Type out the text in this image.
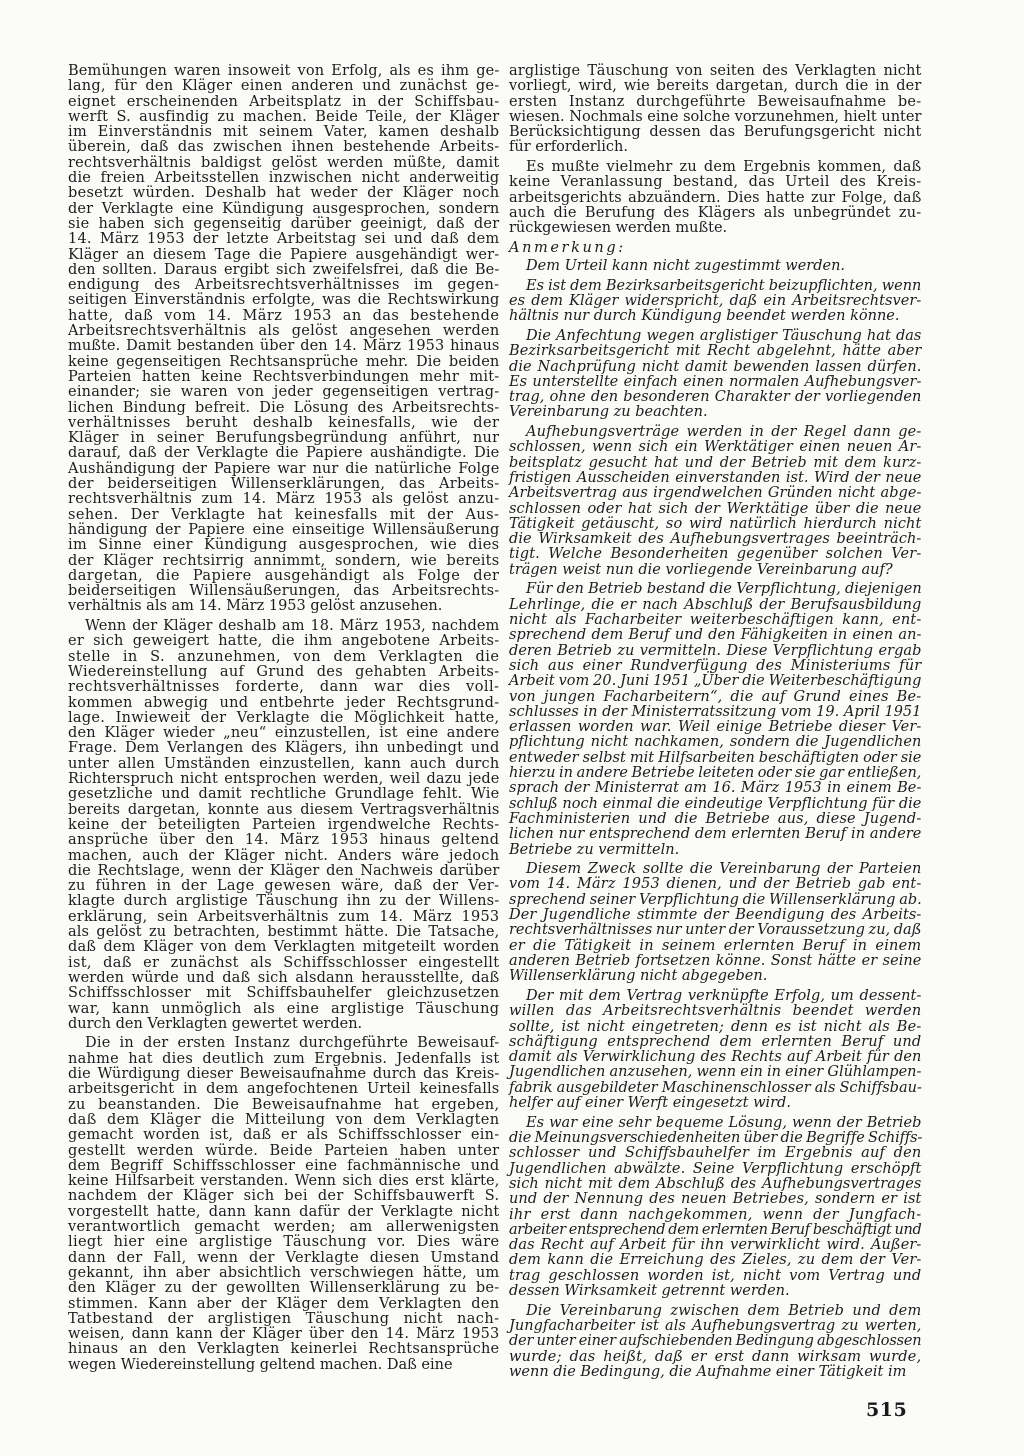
Bemühungen waren insoweit von Erfolg, als es ihm ge-
lang, für den Kläger einen anderen und zunächst ge-
eignet erscheinenden Arbeitsplatz in der Schiffsbau-
werft S. ausfindig zu machen. Beide Teile, der Kläger
im Einverständnis mit seinem Vater, kamen deshalb
überein, daß das zwischen ihnen bestehende Arbeits-
rechtsverhältnis baldigst gelöst werden müßte, damit
die freien Arbeitsstellen inzwischen nicht anderweitig
besetzt würden. Deshalb hat weder der Kläger noch
der Verklagte eine Kündigung ausgesprochen, sondern
sie haben sich gegenseitig darüber geeinigt, daß der
14. März 1953 der letzte Arbeitstag sei und daß dem
Kläger an diesem Tage die Papiere ausgehändigt wer-
den sollten. Daraus ergibt sich zweifelsfrei, daß die Be-
endigung des Arbeitsrechtsverhältnisses im gegen-
seitigen Einverständnis erfolgte, was die Rechtswirkung
hatte, daß vom 14. März 1953 an das bestehende
Arbeitsrechtsverhältnis als gelöst angesehen werden
mußte. Damit bestanden über den 14. März 1953 hinaus
keine gegenseitigen Rechtsansprüche mehr. Die beiden
Parteien hatten keine Rechtsverbindungen mehr mit-
einander; sie waren von jeder gegenseitigen vertrag-
lichen Bindung befreit. Die Lösung des Arbeitsrechts-
verhältnisses beruht deshalb keinesfalls, wie der
Kläger in seiner Berufungsbegründung anführt, nur
darauf, daß der Verklagte die Papiere aushändigte. Die
Aushändigung der Papiere war nur die natürliche Folge
der beiderseitigen Willenserklärungen, das Arbeits-
rechtsverhältnis zum 14. März 1953 als gelöst anzu-
sehen. Der Verklagte hat keinesfalls mit der Aus-
händigung der Papiere eine einseitige Willensäußerung
im Sinne einer Kündigung ausgesprochen, wie dies
der Kläger rechtsirrig annimmt, sondern, wie bereits
dargetan, die Papiere ausgehändigt als Folge der
beiderseitigen Willensäußerungen, das Arbeitsrechts-
verhältnis als am 14. März 1953 gelöst anzusehen.
Wenn der Kläger deshalb am 18. März 1953, nachdem
er sich geweigert hatte, die ihm angebotene Arbeits-
stelle in S. anzunehmen, von dem Verklagten die
Wiedereinstellung auf Grund des gehabten Arbeits-
rechtsverhältnisses forderte, dann war dies voll-
kommen abwegig und entbehrte jeder Rechtsgrund-
lage. Inwieweit der Verklagte die Möglichkeit hatte,
den Kläger wieder „neu“ einzustellen, ist eine andere
Frage. Dem Verlangen des Klägers, ihn unbedingt und
unter allen Umständen einzustellen, kann auch durch
Richterspruch nicht entsprochen werden, weil dazu jede
gesetzliche und damit rechtliche Grundlage fehlt. Wie
bereits dargetan, konnte aus diesem Vertragsverhältnis
keine der beteiligten Parteien irgendwelche Rechts-
ansprüche über den 14. März 1953 hinaus geltend
machen, auch der Kläger nicht. Anders wäre jedoch
die Rechtslage, wenn der Kläger den Nachweis darüber
zu führen in der Lage gewesen wäre, daß der Ver-
klagte durch arglistige Täuschung ihn zu der Willens-
erklärung, sein Arbeitsverhältnis zum 14. März 1953
als gelöst zu betrachten, bestimmt hätte. Die Tatsache,
daß dem Kläger von dem Verklagten mitgeteilt worden
ist, daß er zunächst als Schiffsschlosser eingestellt
werden würde und daß sich alsdann herausstellte, daß
Schiffsschlosser mit Schiffsbauhelfer gleichzusetzen
war, kann unmöglich als eine arglistige Täuschung
durch den Verklagten gewertet werden.
Die in der ersten Instanz durchgeführte Beweisauf-
nahme hat dies deutlich zum Ergebnis. Jedenfalls ist
die Würdigung dieser Beweisaufnahme durch das Kreis-
arbeitsgericht in dem angefochtenen Urteil keinesfalls
zu beanstanden. Die Beweisaufnahme hat ergeben,
daß dem Kläger die Mitteilung von dem Verklagten
gemacht worden ist, daß er als Schiffsschlosser ein-
gestellt werden würde. Beide Parteien haben unter
dem Begriff Schiffsschlosser eine fachmännische und
keine Hilfsarbeit verstanden. Wenn sich dies erst klärte,
nachdem der Kläger sich bei der Schiffsbauwerft S.
vorgestellt hatte, dann kann dafür der Verklagte nicht
verantwortlich gemacht werden; am allerwenigsten
liegt hier eine arglistige Täuschung vor. Dies wäre
dann der Fall, wenn der Verklagte diesen Umstand
gekannt, ihn aber absichtlich verschwiegen hätte, um
den Kläger zu der gewollten Willenserklärung zu be-
stimmen. Kann aber der Kläger dem Verklagten den
Tatbestand der arglistigen Täuschung nicht nach-
weisen, dann kann der Kläger über den 14. März 1953
hinaus an den Verklagten keinerlei Rechtsansprüche
wegen Wiedereinstellung geltend machen. Daß eine
arglistige Täuschung von seiten des Verklagten nicht
vorliegt, wird, wie bereits dargetan, durch die in der
ersten Instanz durchgeführte Beweisaufnahme be-
wiesen. Nochmals eine solche vorzunehmen, hielt unter
Berücksichtigung dessen das Berufungsgericht nicht
für erforderlich.
Es mußte vielmehr zu dem Ergebnis kommen, daß
keine Veranlassung bestand, das Urteil des Kreis-
arbeitsgerichts abzuändern. Dies hatte zur Folge, daß
auch die Berufung des Klägers als unbegründet zu-
rückgewiesen werden mußte.
Anmerkung:
Dem Urteil kann nicht zugestimmt werden.
Es ist dem Bezirksarbeitsgericht beizupflichten, wenn
es dem Kläger widerspricht, daß ein Arbeitsrechtsver-
hältnis nur durch Kündigung beendet werden könne.
Die Anfechtung wegen arglistiger Täuschung hat das
Bezirksarbeitsgericht mit Recht abgelehnt, hätte aber
die Nachprüfung nicht damit bewenden lassen dürfen.
Es unterstellte einfach einen normalen Aufhebungsver-
trag, ohne den besonderen Charakter der vorliegenden
Vereinbarung zu beachten.
Aufhebungsverträge werden in der Regel dann ge-
schlossen, wenn sich ein Werktätiger einen neuen Ar-
beitsplatz gesucht hat und der Betrieb mit dem kurz-
fristigen Ausscheiden einverstanden ist. Wird der neue
Arbeitsvertrag aus irgendwelchen Gründen nicht abge-
schlossen oder hat sich der Werktätige über die neue
Tätigkeit getäuscht, so wird natürlich hierdurch nicht
die Wirksamkeit des Aufhebungsvertrages beeinträch-
tigt. Welche Besonderheiten gegenüber solchen Ver-
trägen weist nun die vorliegende Vereinbarung auf?
Für den Betrieb bestand die Verpflichtung, diejenigen
Lehrlinge, die er nach Abschluß der Berufsausbildung
nicht als Facharbeiter weiterbeschäftigen kann, ent-
sprechend dem Beruf und den Fähigkeiten in einen an-
deren Betrieb zu vermitteln. Diese Verpflichtung ergab
sich aus einer Rundverfügung des Ministeriums für
Arbeit vom 20. Juni 1951 „Über die Weiterbeschäftigung
von jungen Facharbeitern“, die auf Grund eines Be-
schlusses in der Ministerratssitzung vom 19. April 1951
erlassen worden war. Weil einige Betriebe dieser Ver-
pflichtung nicht nachkamen, sondern die Jugendlichen
entweder selbst mit Hilfsarbeiten beschäftigten oder sie
hierzu in andere Betriebe leiteten oder sie gar entließen,
sprach der Ministerrat am 16. März 1953 in einem Be-
schluß noch einmal die eindeutige Verpflichtung für die
Fachministerien und die Betriebe aus, diese Jugend-
lichen nur entsprechend dem erlernten Beruf in andere
Betriebe zu vermitteln.
Diesem Zweck sollte die Vereinbarung der Parteien
vom 14. März 1953 dienen, und der Betrieb gab ent-
sprechend seiner Verpflichtung die Willenserklärung ab.
Der Jugendliche stimmte der Beendigung des Arbeits-
rechtsverhältnisses nur unter der Voraussetzung zu, daß
er die Tätigkeit in seinem erlernten Beruf in einem
anderen Betrieb fortsetzen könne. Sonst hätte er seine
Willenserklärung nicht abgegeben.
Der mit dem Vertrag verknüpfte Erfolg, um dessent-
willen das Arbeitsrechtsverhältnis beendet werden
sollte, ist nicht eingetreten; denn es ist nicht als Be-
schäftigung entsprechend dem erlernten Beruf und
damit als Verwirklichung des Rechts auf Arbeit für den
Jugendlichen anzusehen, wenn ein in einer Glühlampen-
fabrik ausgebildeter Maschinenschlosser als Schiffsbau-
helfer auf einer Werft eingesetzt wird.
Es war eine sehr bequeme Lösung, wenn der Betrieb
die Meinungsverschiedenheiten über die Begriffe Schiffs-
schlosser und Schiffsbauhelfer im Ergebnis auf den
Jugendlichen abwälzte. Seine Verpflichtung erschöpft
sich nicht mit dem Abschluß des Aufhebungsvertrages
und der Nennung des neuen Betriebes, sondern er ist
ihr erst dann nachgekommen, wenn der Jungfach-
arbeiter entsprechend dem erlernten Beruf beschäftigt und
das Recht auf Arbeit für ihn verwirklicht wird. Außer-
dem kann die Erreichung des Zieles, zu dem der Ver-
trag geschlossen worden ist, nicht vom Vertrag und
dessen Wirksamkeit getrennt werden.
Die Vereinbarung zwischen dem Betrieb und dem
Jungfacharbeiter ist als Aufhebungsvertrag zu werten,
der unter einer aufschiebenden Bedingung abgeschlossen
wurde; das heißt, daß er erst dann wirksam wurde,
wenn die Bedingung, die Aufnahme einer Tätigkeit im
515
